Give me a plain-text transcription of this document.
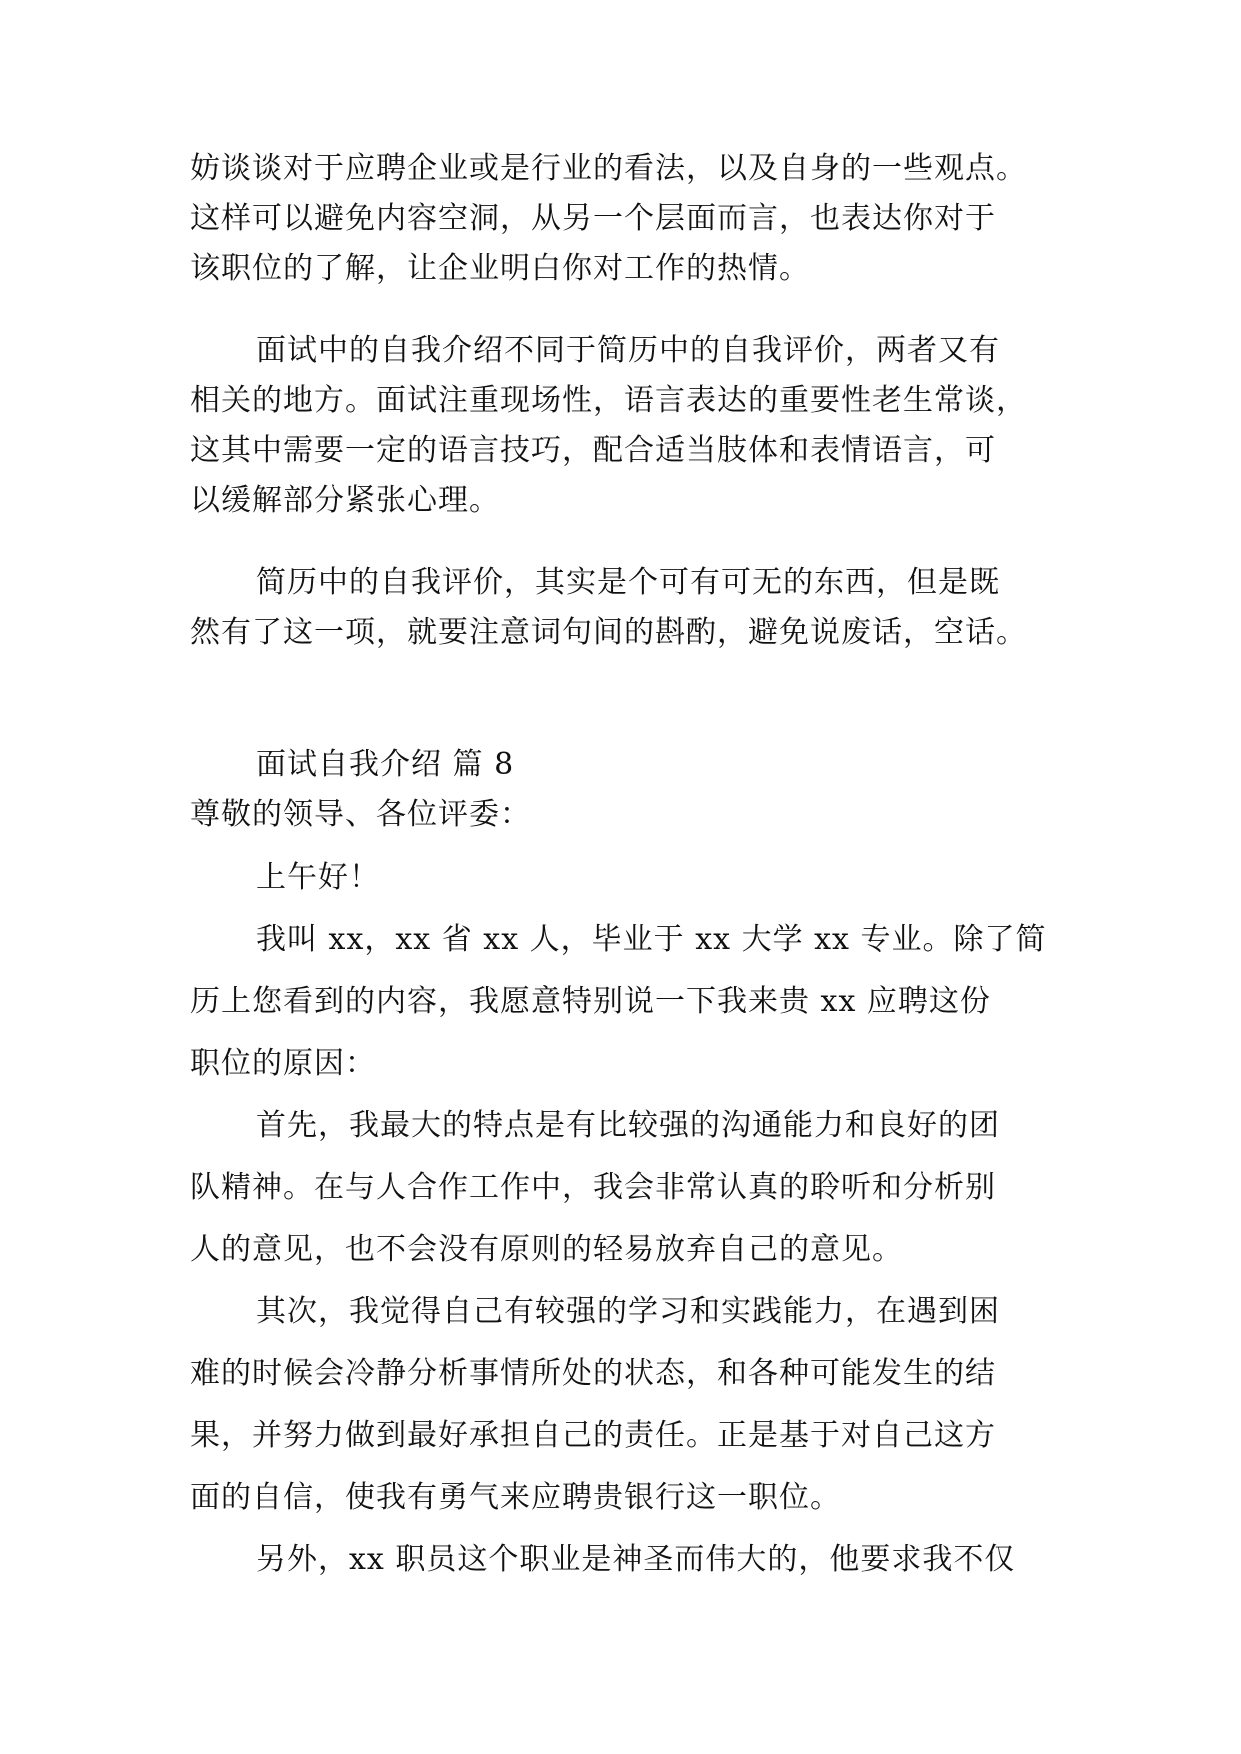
妨谈谈对于应聘企业或是行业的看法，以及自身的一些观点。
这样可以避免内容空洞，从另一个层面而言，也表达你对于
该职位的了解，让企业明白你对工作的热情。
面试中的自我介绍不同于简历中的自我评价，两者又有
相关的地方。面试注重现场性，语言表达的重要性老生常谈，
这其中需要一定的语言技巧，配合适当肢体和表情语言，可
以缓解部分紧张心理。
简历中的自我评价，其实是个可有可无的东西，但是既
然有了这一项，就要注意词句间的斟酌，避免说废话，空话。
面试自我介绍 篇 8
尊敬的领导、各位评委：
上午好！
我叫 xx，xx 省 xx 人，毕业于 xx 大学 xx 专业。除了简
历上您看到的内容，我愿意特别说一下我来贵 xx 应聘这份
职位的原因：
首先，我最大的特点是有比较强的沟通能力和良好的团
队精神。在与人合作工作中，我会非常认真的聆听和分析别
人的意见，也不会没有原则的轻易放弃自己的意见。
其次，我觉得自己有较强的学习和实践能力，在遇到困
难的时候会冷静分析事情所处的状态，和各种可能发生的结
果，并努力做到最好承担自己的责任。正是基于对自己这方
面的自信，使我有勇气来应聘贵银行这一职位。
另外，xx 职员这个职业是神圣而伟大的，他要求我不仅
